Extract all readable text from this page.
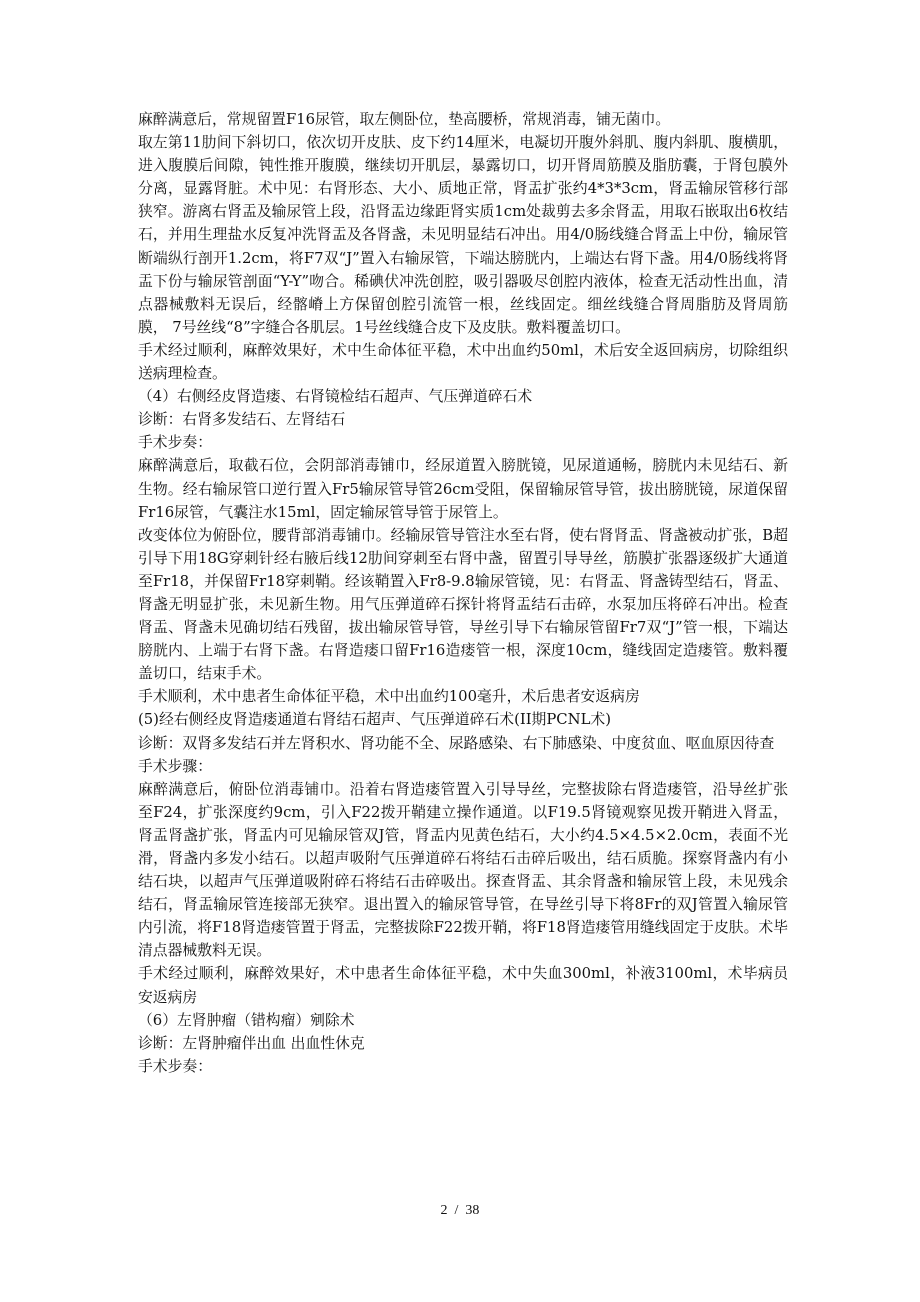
麻醉满意后，常规留置F16尿管，取左侧卧位，垫高腰桥，常规消毒，铺无菌巾。

取左第11肋间下斜切口，依次切开皮肤、皮下约14厘米，电凝切开腹外斜肌、腹内斜肌、腹横肌，进入腹膜后间隙，钝性推开腹膜，继续切开肌层，暴露切口，切开肾周筋膜及脂肪囊，于肾包膜外分离，显露肾脏。术中见：右肾形态、大小、质地正常，肾盂扩张约4*3*3cm，肾盂输尿管移行部狭窄。游离右肾盂及输尿管上段，沿肾盂边缘距肾实质1cm处裁剪去多余肾盂，用取石嵌取出6枚结石，并用生理盐水反复冲洗肾盂及各肾盏，未见明显结石冲出。用4/0肠线缝合肾盂上中份，输尿管断端纵行剖开1.2cm，将F7双“J”置入右输尿管，下端达膀胱内，上端达右肾下盏。用4/0肠线将肾盂下份与输尿管剖面“Y-Y”吻合。稀碘伏冲洗创腔，吸引器吸尽创腔内液体，检查无活动性出血，清点器械敷料无误后，经髂嵴上方保留创腔引流管一根，丝线固定。细丝线缝合肾周脂肪及肾周筋膜， 7号丝线“8”字缝合各肌层。1号丝线缝合皮下及皮肤。敷料覆盖切口。

手术经过顺利，麻醉效果好，术中生命体征平稳，术中出血约50ml，术后安全返回病房，切除组织送病理检查。

（4）右侧经皮肾造瘘、右肾镜检结石超声、气压弹道碎石术

诊断：右肾多发结石、左肾结石

手术步奏：

麻醉满意后，取截石位，会阴部消毒铺巾，经尿道置入膀胱镜，见尿道通畅，膀胱内未见结石、新生物。经右输尿管口逆行置入Fr5输尿管导管26cm受阻，保留输尿管导管，拔出膀胱镜，尿道保留Fr16尿管，气囊注水15ml，固定输尿管导管于尿管上。

改变体位为俯卧位，腰背部消毒铺巾。经输尿管导管注水至右肾，使右肾肾盂、肾盏被动扩张，B超引导下用18G穿刺针经右腋后线12肋间穿刺至右肾中盏，留置引导导丝，筋膜扩张器逐级扩大通道至Fr18，并保留Fr18穿刺鞘。经该鞘置入Fr8-9.8输尿管镜，见：右肾盂、肾盏铸型结石，肾盂、肾盏无明显扩张，未见新生物。用气压弹道碎石探针将肾盂结石击碎，水泵加压将碎石冲出。检查肾盂、肾盏未见确切结石残留，拔出输尿管导管，导丝引导下右输尿管留Fr7双“J”管一根，下端达膀胱内、上端于右肾下盏。右肾造瘘口留Fr16造瘘管一根，深度10cm，缝线固定造瘘管。敷料覆盖切口，结束手术。

手术顺利，术中患者生命体征平稳，术中出血约100毫升，术后患者安返病房

(5)经右侧经皮肾造瘘通道右肾结石超声、气压弹道碎石术(II期PCNL术)

诊断：双肾多发结石并左肾积水、肾功能不全、尿路感染、右下肺感染、中度贫血、呕血原因待查

手术步骤：

麻醉满意后，俯卧位消毒铺巾。沿着右肾造瘘管置入引导导丝，完整拔除右肾造瘘管，沿导丝扩张至F24，扩张深度约9cm，引入F22拨开鞘建立操作通道。以F19.5肾镜观察见拨开鞘进入肾盂，肾盂肾盏扩张，肾盂内可见输尿管双J管，肾盂内见黄色结石，大小约4.5×4.5×2.0cm，表面不光滑，肾盏内多发小结石。以超声吸附气压弹道碎石将结石击碎后吸出，结石质脆。探察肾盏内有小结石块，以超声气压弹道吸附碎石将结石击碎吸出。探查肾盂、其余肾盏和输尿管上段，未见残余结石，肾盂输尿管连接部无狭窄。退出置入的输尿管导管，在导丝引导下将8Fr的双J管置入输尿管内引流，将F18肾造瘘管置于肾盂，完整拔除F22拨开鞘，将F18肾造瘘管用缝线固定于皮肤。术毕清点器械敷料无误。

手术经过顺利，麻醉效果好，术中患者生命体征平稳，术中失血300ml，补液3100ml，术毕病员安返病房

（6）左肾肿瘤（错构瘤）剜除术

诊断：左肾肿瘤伴出血 出血性休克

手术步奏：

2  /  38
